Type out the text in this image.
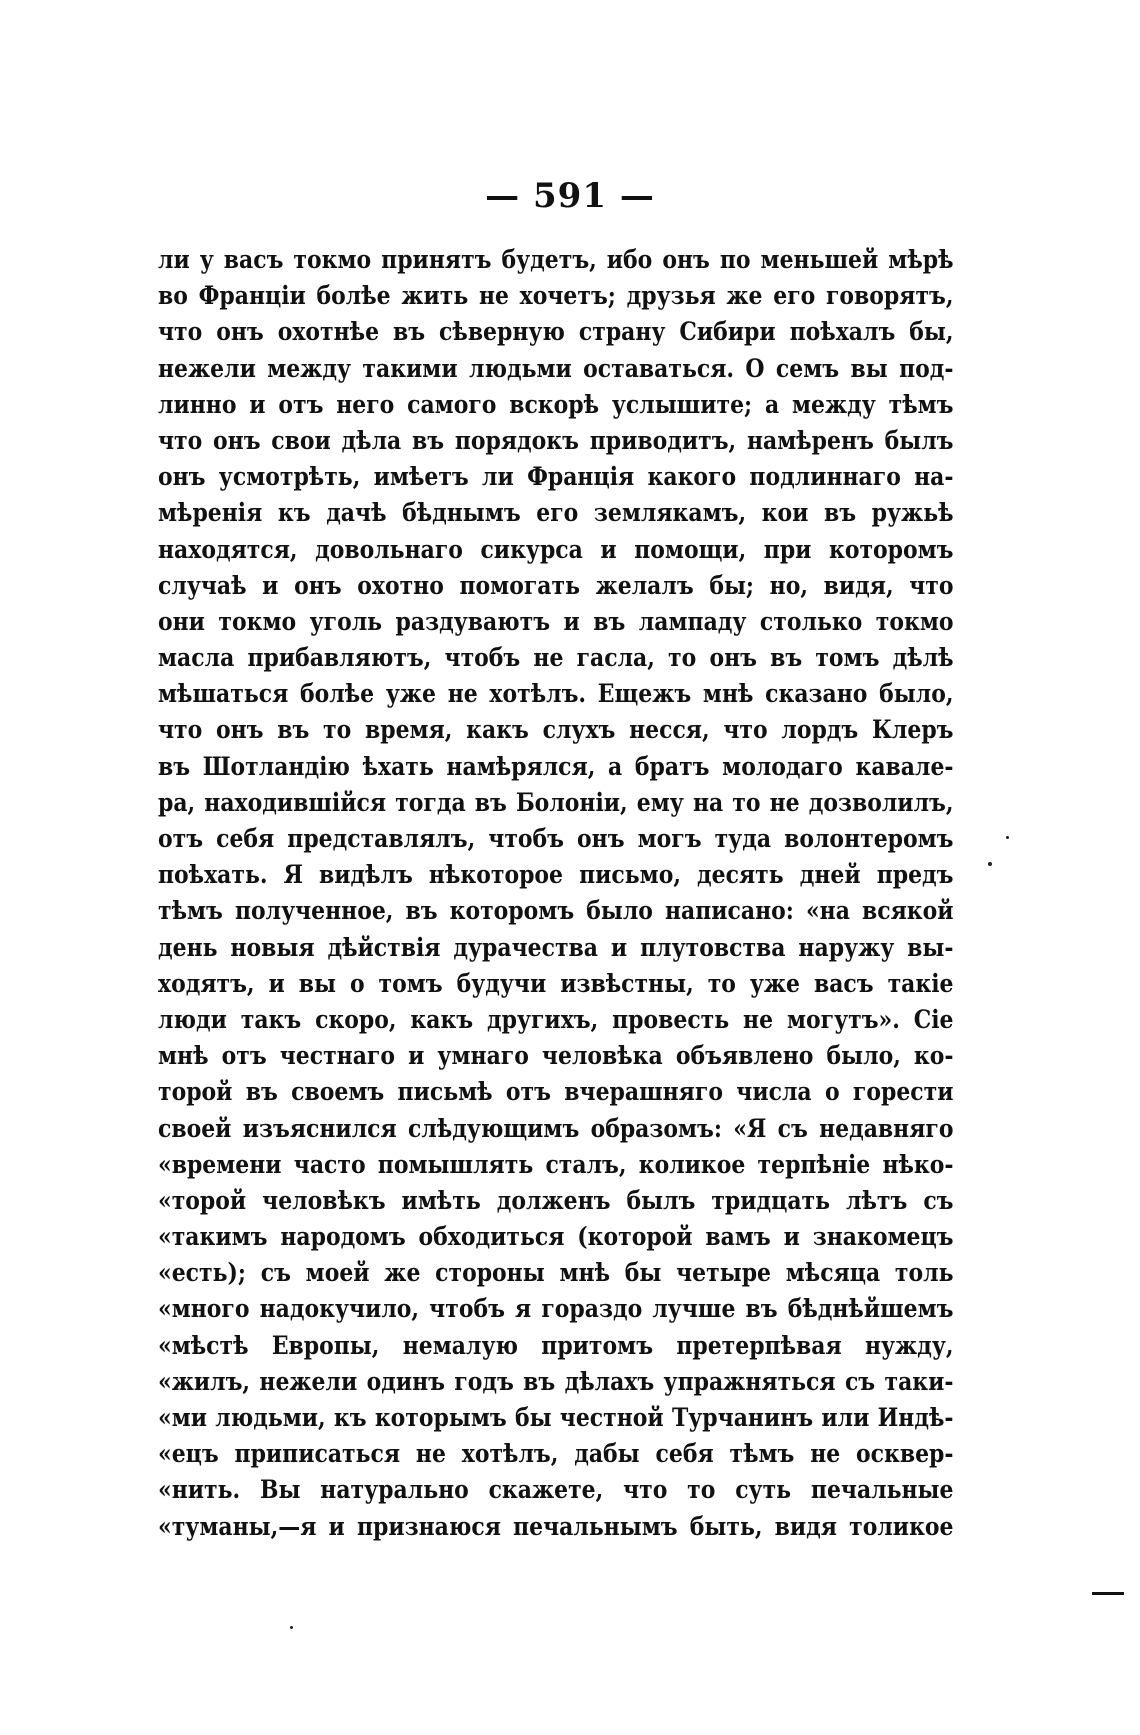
— 591 —
ли у васъ токмо принятъ будетъ, ибо онъ по меньшей мѣрѣ
во Франціи болѣе жить не хочетъ; друзья же его говорятъ,
что онъ охотнѣе въ сѣверную страну Сибири поѣхалъ бы,
нежели между такими людьми оставаться. О семъ вы под-
линно и отъ него самого вскорѣ услышите; а между тѣмъ
что онъ свои дѣла въ порядокъ приводитъ, намѣренъ былъ
онъ усмотрѣть, имѣетъ ли Франція какого подлиннаго на-
мѣренія къ дачѣ бѣднымъ его землякамъ, кои въ ружьѣ
находятся, довольнаго сикурса и помощи, при которомъ
случаѣ и онъ охотно помогать желалъ бы; но, видя, что
они токмо уголь раздуваютъ и въ лампаду столько токмо
масла прибавляютъ, чтобъ не гасла, то онъ въ томъ дѣлѣ
мѣшаться болѣе уже не хотѣлъ. Ещежъ мнѣ сказано было,
что онъ въ то время, какъ слухъ несся, что лордъ Клеръ
въ Шотландію ѣхать намѣрялся, а братъ молодаго кавале-
ра, находившійся тогда въ Болоніи, ему на то не дозволилъ,
отъ себя представлялъ, чтобъ онъ могъ туда волонтеромъ
поѣхать. Я видѣлъ нѣкоторое письмо, десять дней предъ
тѣмъ полученное, въ которомъ было написано: «на всякой
день новыя дѣйствія дурачества и плутовства наружу вы-
ходятъ, и вы о томъ будучи извѣстны, то уже васъ такіе
люди такъ скоро, какъ другихъ, провесть не могутъ». Сіе
мнѣ отъ честнаго и умнаго человѣка объявлено было, ко-
торой въ своемъ письмѣ отъ вчерашняго числа о горести
своей изъяснился слѣдующимъ образомъ: «Я съ недавняго
«времени часто помышлять сталъ, коликое терпѣніе нѣко-
«торой человѣкъ имѣть долженъ былъ тридцать лѣтъ съ
«такимъ народомъ обходиться (которой вамъ и знакомецъ
«есть); съ моей же стороны мнѣ бы четыре мѣсяца толь
«много надокучило, чтобъ я гораздо лучше въ бѣднѣйшемъ
«мѣстѣ Европы, немалую притомъ претерпѣвая нужду,
«жилъ, нежели одинъ годъ въ дѣлахъ упражняться съ таки-
«ми людьми, къ которымъ бы честной Турчанинъ или Индѣ-
«ецъ приписаться не хотѣлъ, дабы себя тѣмъ не осквер-
«нить. Вы натурально скажете, что то суть печальные
«туманы,—я и признаюся печальнымъ быть, видя толикое
